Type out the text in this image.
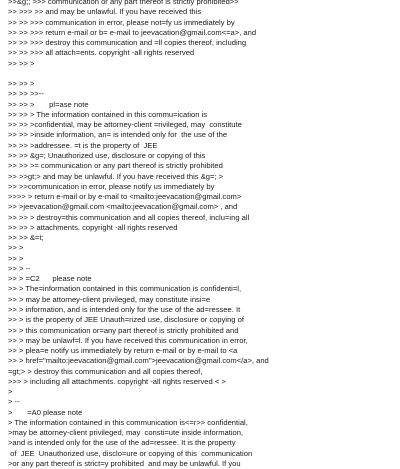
>>&g;; >>> communication or any part thereof is strictly prohibited>>
>> >>> >> and may be unlawful. If you have received this
>> >> >>> communication in error, please not=fy us immediately by
>> >> >>> return e-mail or b= e-mail to jeevacation@gmail.com<=a>, and
>> >> >>> destroy this communication and =ll copies thereof, including
>> >> >>> all attach=ents. copyright -all rights reserved
>> >> >
>> >> >
>> >> >>--
>> >> >       pl=ase note
>> >> > The information contained in this commu=ication is
>> >> >confidential, may be attorney-client =rivileged, may  constitute
>> >> >inside information, an= is intended only for  the use of the
>> >> >addressee. =t is the property of  JEE
>> >> &g=; Unauthorized use, disclosure or copying of this
>> >> >= communication or any part thereof is strictly prohibited
>> >>gt;> and may be unlawful. If you have received this &g=; >
>> >>communication in error, please notify us immediately by
>>>> > return e-mail or by e-mail to <mailto:jeevacation@gmail.com>
>> >jeevacation@gmail.com <mailto:jeevacation@gmail.com> , and
>> >> > destroy=this communication and all copies thereof, inclu=ing all
>> >> > attachments. copyright -all rights reserved
>> >> &=t;
>> >
>> >
>> > --
>> > =C2      please note
>> > The=information contained in this communication is confidenti=l,
>> > may be attorney-client privileged, may constitute insi=e
>> > information, and is intended only for the use of the ad=ressee. It
>> > is the property of JEE Unauth=rized use, disclosure or copying of
>> > this communication or=any part thereof is strictly prohibited and
>> > may be unlawf=l. If you have received this communication in error,
>> > plea=e notify us immediately by return e-mail or by e-mail to <a
>> > href="mailto:jeevacation@gmail.com">jeevacation@gmail.com</a>, and
=gt;> > destroy this communication and all copies thereof,
>>> > including all attachments. copyright -all rights reserved < >
>
> --
>       =A0 please note
> The information contained in this communication is<=r>> confidential,
>may be attorney-client privileged, may  consti=ute inside information,
>and is intended only for the use of the ad=ressee. It is the property
of  JEE  Unauthorized use, disclo=ure or copying of this  communication
>or any part thereof is strict=y prohibited  and may be unlawful. If you
